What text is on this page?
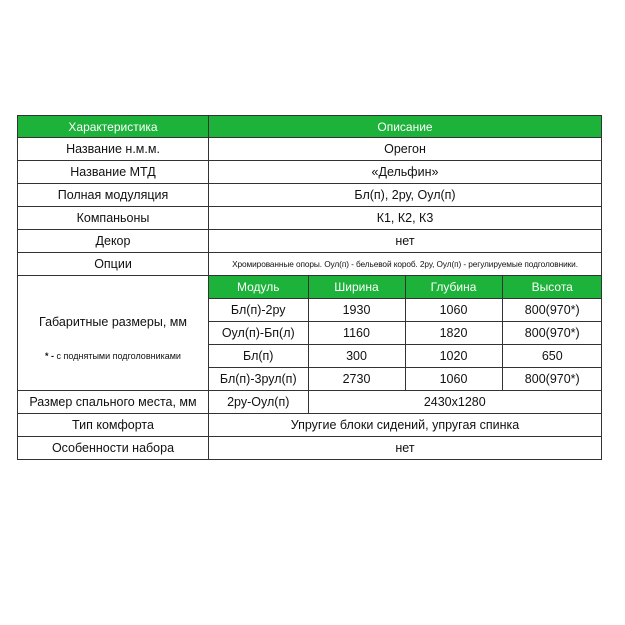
Характеристика	Описание
Название н.м.м.	Орегон
Название МТД	«Дельфин»
Полная модуляция	Бл(п), 2ру, Оул(п)
Компаньоны	К1, К2, К3
Декор	нет
Опции	Хромированные опоры. Оул(п) - бельевой короб. 2ру, Оул(п) - регулируемые подголовники.

Габаритные размеры, мм
* - с поднятыми подголовниками

Модуль	Ширина	Глубина	Высота
Бл(п)-2ру	1930	1060	800(970*)
Оул(п)-Бп(л)	1160	1820	800(970*)
Бл(п)	300	1020	650
Бл(п)-3рул(п)	2730	1060	800(970*)

Размер спального места, мм	2ру-Оул(п)	2430x1280

Тип комфорта	Упругие блоки сидений, упругая спинка
Особенности набора	нет
